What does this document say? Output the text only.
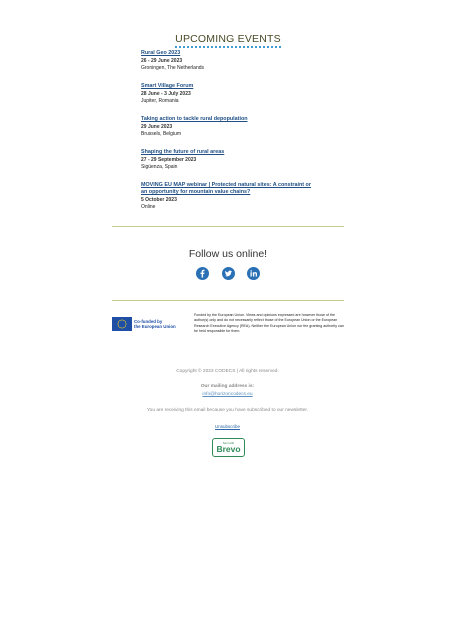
UPCOMING EVENTS
Rural Geo 2023
26 - 29 June 2023
Groningen, The Netherlands
Smart Village Forum
28 June - 3 July 2023
Jupiter, Romania
Taking action to tackle rural depopulation
29 June 2023
Brussels, Belgium
Shaping the future of rural areas
27 - 29 September 2023
Sigüenza, Spain
MOVING EU MAP webinar | Protected natural sites: A constraint or
an opportunity for mountain value chains?
5 October 2023
Online
Follow us online!

Co-funded by
the European Union
Funded by the European Union. Views and opinions expressed are however those of the author(s) only and do not necessarily reflect those of the European Union or the European Research Executive Agency (REA). Neither the European Union nor the granting authority can be held responsible for them.
Copyright © 2023 CODECS | All rights reserved.
Our mailing address is:
info@horizoncodecs.eu
You are receiving this email because you have subscribed to our newsletter.
Unsubscribe
Sent with
Brevo
